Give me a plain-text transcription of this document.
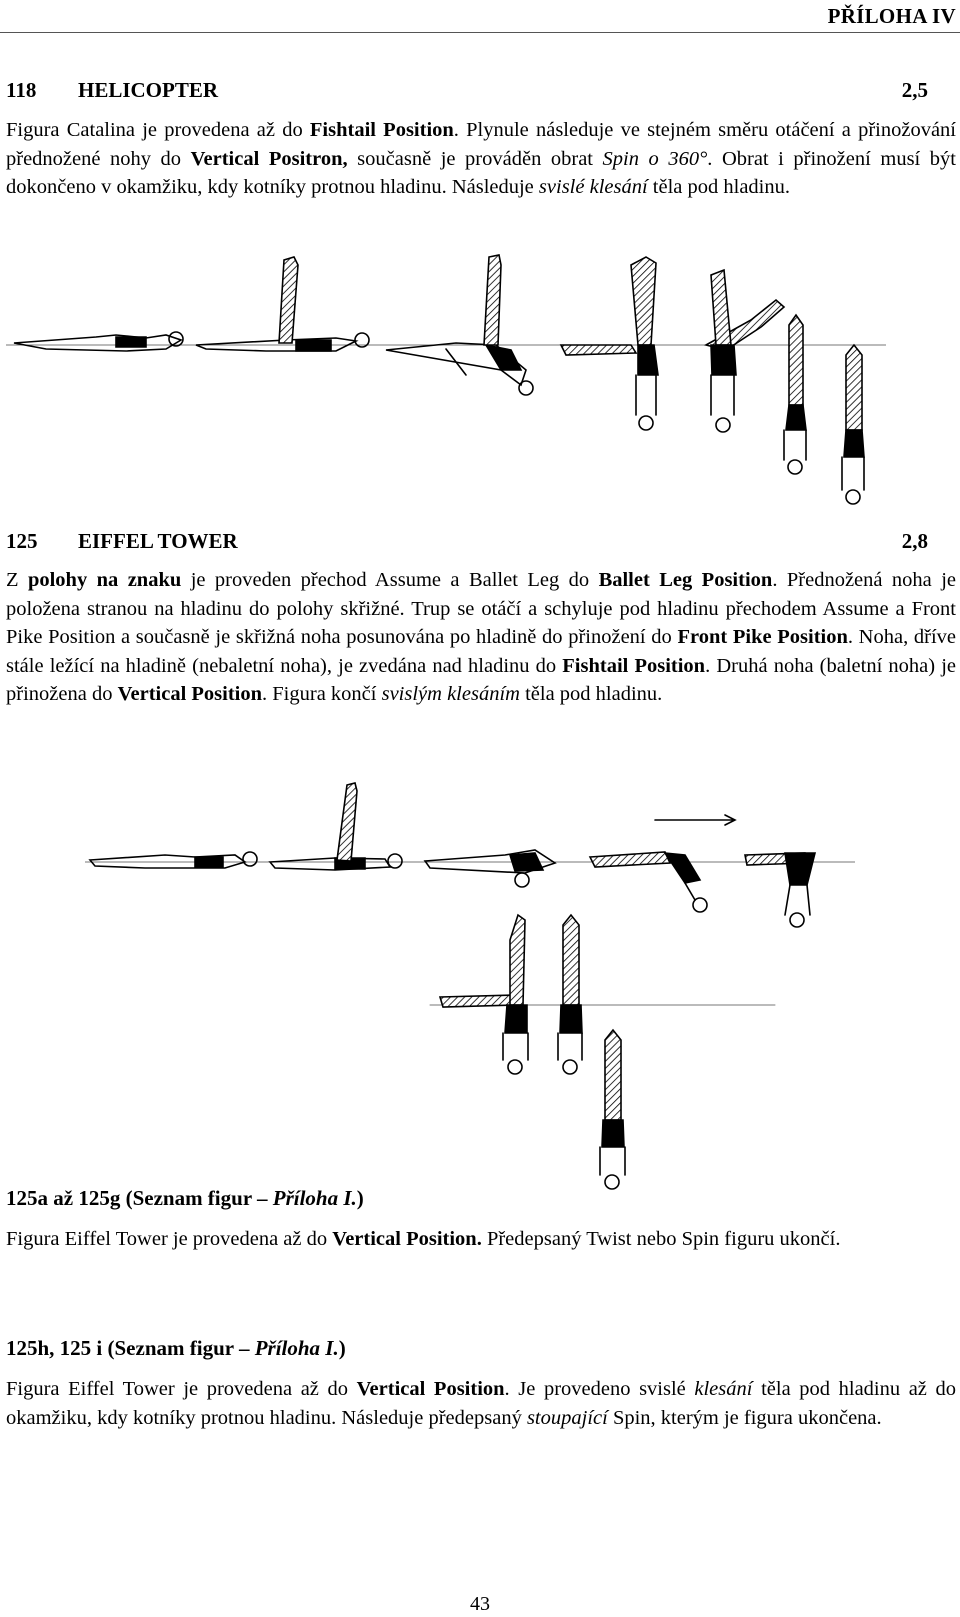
PŘÍLOHA IV
118 HELICOPTER	2,5
Figura Catalina je provedena až do Fishtail Position. Plynule následuje ve stejném směru otáčení a přinožování přednožené nohy do Vertical Positron, současně je prováděn obrat Spin o 360°. Obrat i přinožení musí být dokončeno v okamžiku, kdy kotníky protnou hladinu. Následuje svislé klesání těla pod hladinu.
125 EIFFEL TOWER	2,8
Z polohy na znaku je proveden přechod Assume a Ballet Leg do Ballet Leg Position. Přednožená noha je položena stranou na hladinu do polohy skřižné. Trup se otáčí a schyluje pod hladinu přechodem Assume a Front Pike Position a současně je skřižná noha posunována po hladině do přinožení do Front Pike Position. Noha, dříve stále ležící na hladině (nebaletní noha), je zvedána nad hladinu do Fishtail Position. Druhá noha (baletní noha) je přinožena do Vertical Position. Figura končí svislým klesáním těla pod hladinu.
125a až 125g (Seznam figur – Příloha I.)
Figura Eiffel Tower je provedena až do Vertical Position. Předepsaný Twist nebo Spin figuru ukončí.
125h, 125 i (Seznam figur – Příloha I.)
Figura Eiffel Tower je provedena až do Vertical Position. Je provedeno svislé klesání těla pod hladinu až do okamžiku, kdy kotníky protnou hladinu. Následuje předepsaný stoupající Spin, kterým je figura ukončena.
43
